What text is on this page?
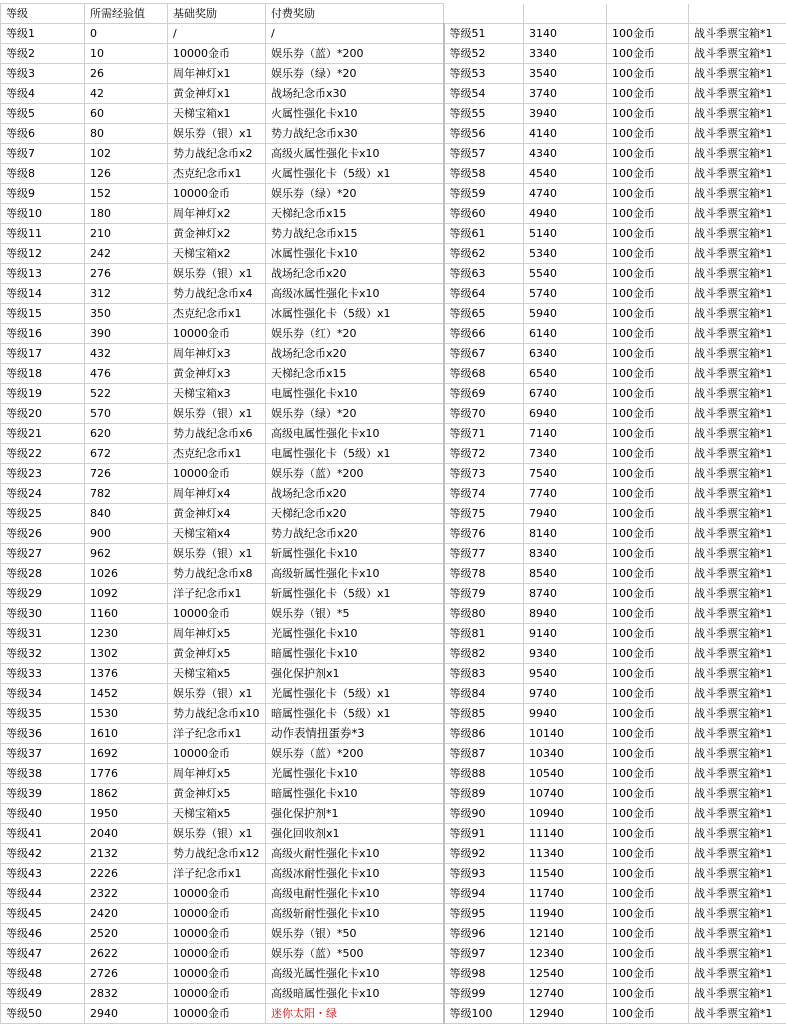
等级	所需经验值	基础奖励	付费奖励				
等级1	0	/	/	等级51	3140	100金币	战斗季票宝箱*1
等级2	10	10000金币	娱乐券（蓝）*200	等级52	3340	100金币	战斗季票宝箱*1
等级3	26	周年神灯x1	娱乐券（绿）*20	等级53	3540	100金币	战斗季票宝箱*1
等级4	42	黄金神灯x1	战场纪念币x30	等级54	3740	100金币	战斗季票宝箱*1
等级5	60	天梯宝箱x1	火属性强化卡x10	等级55	3940	100金币	战斗季票宝箱*1
等级6	80	娱乐券（银）x1	势力战纪念币x30	等级56	4140	100金币	战斗季票宝箱*1
等级7	102	势力战纪念币x2	高级火属性强化卡x10	等级57	4340	100金币	战斗季票宝箱*1
等级8	126	杰克纪念币x1	火属性强化卡（5级）x1	等级58	4540	100金币	战斗季票宝箱*1
等级9	152	10000金币	娱乐券（绿）*20	等级59	4740	100金币	战斗季票宝箱*1
等级10	180	周年神灯x2	天梯纪念币x15	等级60	4940	100金币	战斗季票宝箱*1
等级11	210	黄金神灯x2	势力战纪念币x15	等级61	5140	100金币	战斗季票宝箱*1
等级12	242	天梯宝箱x2	冰属性强化卡x10	等级62	5340	100金币	战斗季票宝箱*1
等级13	276	娱乐券（银）x1	战场纪念币x20	等级63	5540	100金币	战斗季票宝箱*1
等级14	312	势力战纪念币x4	高级冰属性强化卡x10	等级64	5740	100金币	战斗季票宝箱*1
等级15	350	杰克纪念币x1	冰属性强化卡（5级）x1	等级65	5940	100金币	战斗季票宝箱*1
等级16	390	10000金币	娱乐券（红）*20	等级66	6140	100金币	战斗季票宝箱*1
等级17	432	周年神灯x3	战场纪念币x20	等级67	6340	100金币	战斗季票宝箱*1
等级18	476	黄金神灯x3	天梯纪念币x15	等级68	6540	100金币	战斗季票宝箱*1
等级19	522	天梯宝箱x3	电属性强化卡x10	等级69	6740	100金币	战斗季票宝箱*1
等级20	570	娱乐券（银）x1	娱乐券（绿）*20	等级70	6940	100金币	战斗季票宝箱*1
等级21	620	势力战纪念币x6	高级电属性强化卡x10	等级71	7140	100金币	战斗季票宝箱*1
等级22	672	杰克纪念币x1	电属性强化卡（5级）x1	等级72	7340	100金币	战斗季票宝箱*1
等级23	726	10000金币	娱乐券（蓝）*200	等级73	7540	100金币	战斗季票宝箱*1
等级24	782	周年神灯x4	战场纪念币x20	等级74	7740	100金币	战斗季票宝箱*1
等级25	840	黄金神灯x4	天梯纪念币x20	等级75	7940	100金币	战斗季票宝箱*1
等级26	900	天梯宝箱x4	势力战纪念币x20	等级76	8140	100金币	战斗季票宝箱*1
等级27	962	娱乐券（银）x1	斩属性强化卡x10	等级77	8340	100金币	战斗季票宝箱*1
等级28	1026	势力战纪念币x8	高级斩属性强化卡x10	等级78	8540	100金币	战斗季票宝箱*1
等级29	1092	洋子纪念币x1	斩属性强化卡（5级）x1	等级79	8740	100金币	战斗季票宝箱*1
等级30	1160	10000金币	娱乐券（银）*5	等级80	8940	100金币	战斗季票宝箱*1
等级31	1230	周年神灯x5	光属性强化卡x10	等级81	9140	100金币	战斗季票宝箱*1
等级32	1302	黄金神灯x5	暗属性强化卡x10	等级82	9340	100金币	战斗季票宝箱*1
等级33	1376	天梯宝箱x5	强化保护剂x1	等级83	9540	100金币	战斗季票宝箱*1
等级34	1452	娱乐券（银）x1	光属性强化卡（5级）x1	等级84	9740	100金币	战斗季票宝箱*1
等级35	1530	势力战纪念币x10	暗属性强化卡（5级）x1	等级85	9940	100金币	战斗季票宝箱*1
等级36	1610	洋子纪念币x1	动作表情扭蛋券*3	等级86	10140	100金币	战斗季票宝箱*1
等级37	1692	10000金币	娱乐券（蓝）*200	等级87	10340	100金币	战斗季票宝箱*1
等级38	1776	周年神灯x5	光属性强化卡x10	等级88	10540	100金币	战斗季票宝箱*1
等级39	1862	黄金神灯x5	暗属性强化卡x10	等级89	10740	100金币	战斗季票宝箱*1
等级40	1950	天梯宝箱x5	强化保护剂*1	等级90	10940	100金币	战斗季票宝箱*1
等级41	2040	娱乐券（银）x1	强化回收剂x1	等级91	11140	100金币	战斗季票宝箱*1
等级42	2132	势力战纪念币x12	高级火耐性强化卡x10	等级92	11340	100金币	战斗季票宝箱*1
等级43	2226	洋子纪念币x1	高级冰耐性强化卡x10	等级93	11540	100金币	战斗季票宝箱*1
等级44	2322	10000金币	高级电耐性强化卡x10	等级94	11740	100金币	战斗季票宝箱*1
等级45	2420	10000金币	高级斩耐性强化卡x10	等级95	11940	100金币	战斗季票宝箱*1
等级46	2520	10000金币	娱乐券（银）*50	等级96	12140	100金币	战斗季票宝箱*1
等级47	2622	10000金币	娱乐券（蓝）*500	等级97	12340	100金币	战斗季票宝箱*1
等级48	2726	10000金币	高级光属性强化卡x10	等级98	12540	100金币	战斗季票宝箱*1
等级49	2832	10000金币	高级暗属性强化卡x10	等级99	12740	100金币	战斗季票宝箱*1
等级50	2940	10000金币	迷你太阳・绿	等级100	12940	100金币	战斗季票宝箱*1
